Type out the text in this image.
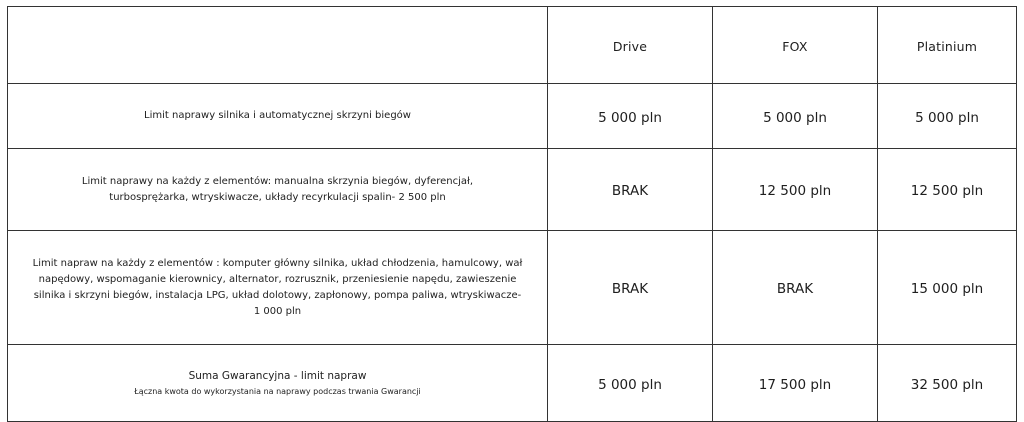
	Drive	FOX	Platinium

Limit naprawy silnika i automatycznej skrzyni biegów	5 000 pln	5 000 pln	5 000 pln

Limit naprawy na każdy z elementów: manualna skrzynia biegów, dyferencjał, turbosprężarka, wtryskiwacze, układy recyrkulacji spalin- 2 500 pln	BRAK	12 500 pln	12 500 pln

Limit napraw na każdy z elementów : komputer główny silnika, układ chłodzenia, hamulcowy, wał napędowy, wspomaganie kierownicy, alternator, rozrusznik, przeniesienie napędu, zawieszenie silnika i skrzyni biegów, instalacja LPG, układ dolotowy, zapłonowy, pompa paliwa, wtryskiwacze- 1 000 pln	BRAK	BRAK	15 000 pln

Suma Gwarancyjna - limit napraw
Łączna kwota do wykorzystania na naprawy podczas trwania Gwarancji	5 000 pln	17 500 pln	32 500 pln
